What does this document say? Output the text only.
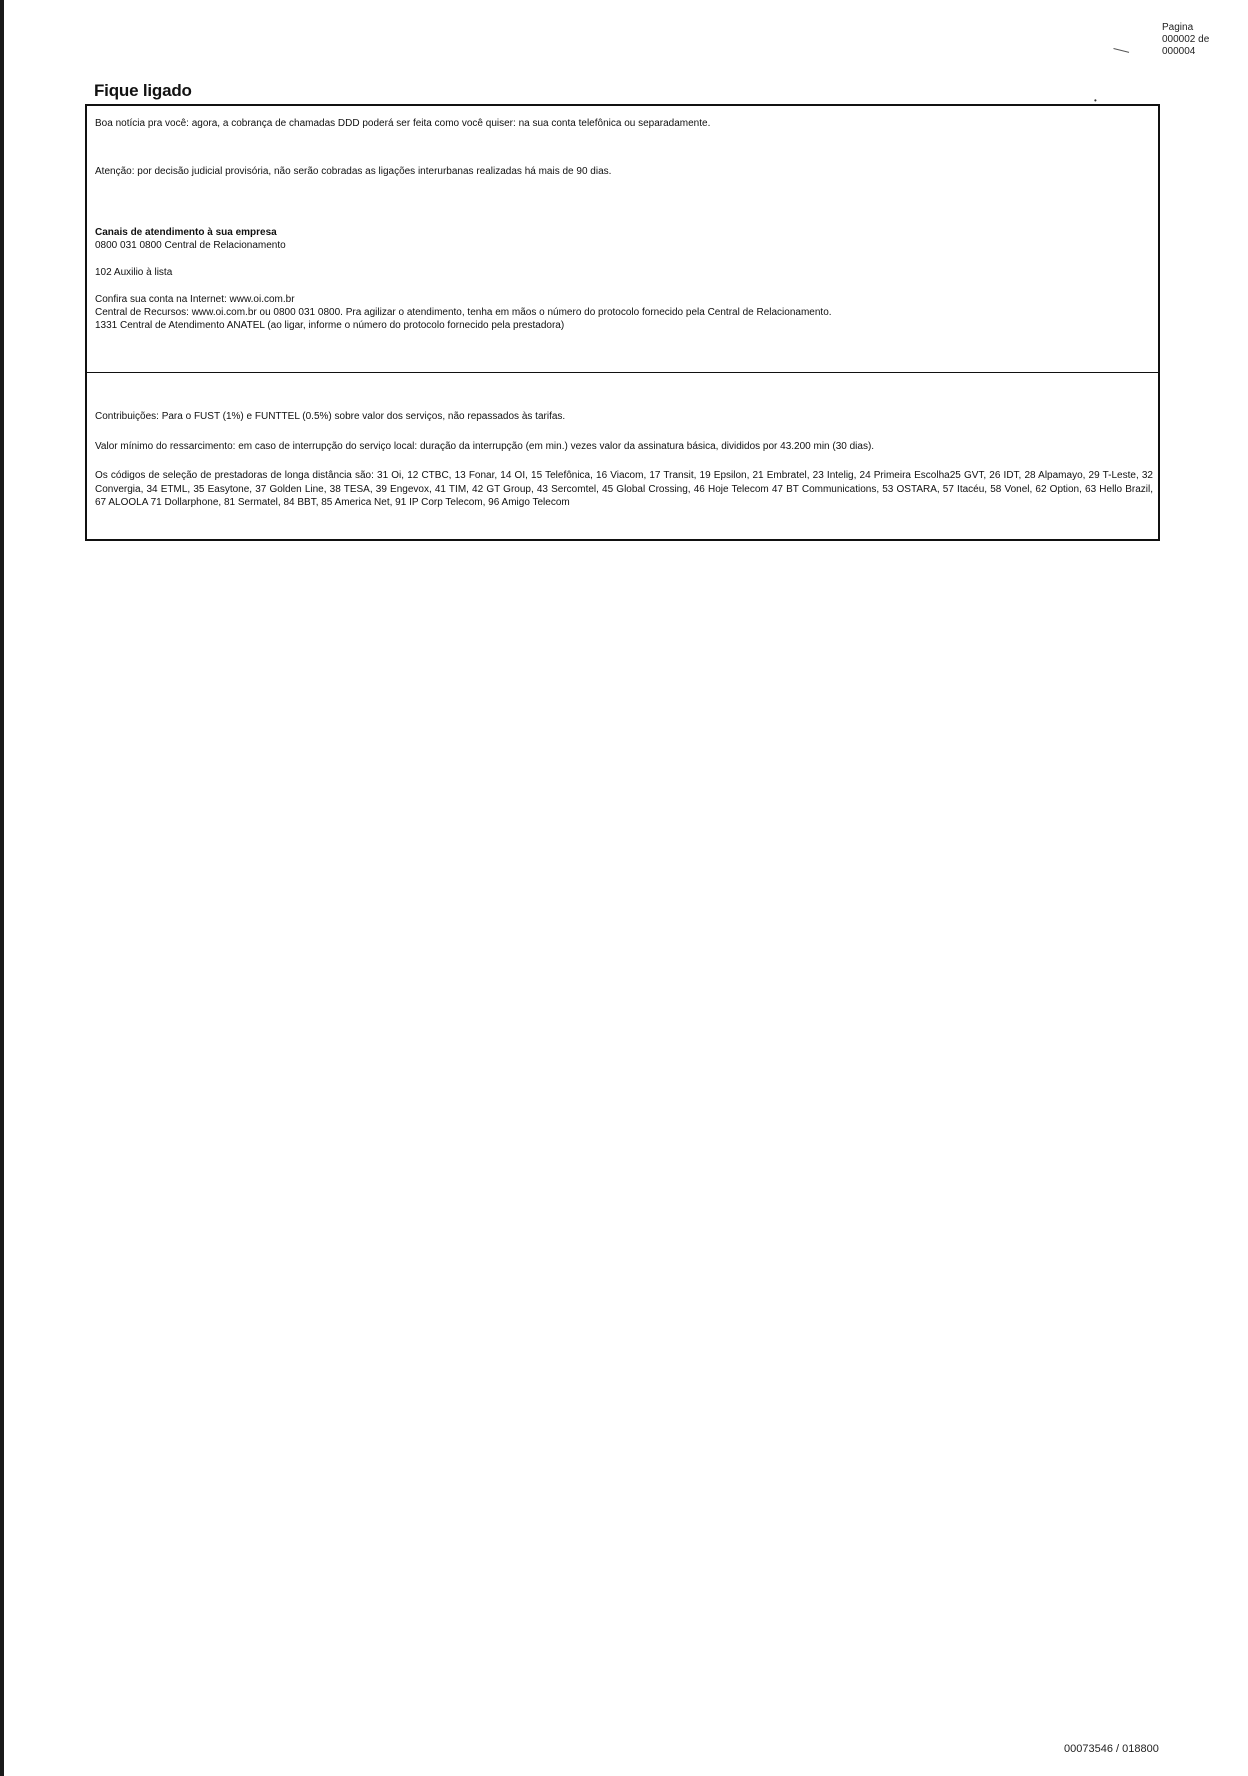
Pagina
000002 de
000004
•
Fique ligado
Boa notícia pra você: agora, a cobrança de chamadas DDD poderá ser feita como você quiser: na sua conta telefônica ou separadamente.
Atenção: por decisão judicial provisória, não serão cobradas as ligações interurbanas realizadas há mais de 90 dias.
Canais de atendimento à sua empresa
0800 031 0800 Central de Relacionamento
102 Auxilio à lista
Confira sua conta na Internet: www.oi.com.br
Central de Recursos: www.oi.com.br ou 0800 031 0800. Pra agilizar o atendimento, tenha em mãos o número do protocolo fornecido pela Central de Relacionamento.
1331 Central de Atendimento ANATEL (ao ligar, informe o número do protocolo fornecido pela prestadora)
Contribuições: Para o FUST (1%) e FUNTTEL (0.5%) sobre valor dos serviços, não repassados às tarifas.
Valor mínimo do ressarcimento: em caso de interrupção do serviço local: duração da interrupção (em min.) vezes valor da assinatura básica, divididos por 43.200 min (30 dias).
Os códigos de seleção de prestadoras de longa distância são: 31 Oi, 12 CTBC, 13 Fonar, 14 OI, 15 Telefônica, 16 Viacom, 17 Transit, 19 Epsilon, 21 Embratel, 23 Intelig, 24 Primeira Escolha25 GVT, 26 IDT, 28 Alpamayo, 29 T-Leste, 32 Convergia, 34 ETML, 35 Easytone, 37 Golden Line, 38 TESA, 39 Engevox, 41 TIM, 42 GT Group, 43 Sercomtel, 45 Global Crossing, 46 Hoje Telecom 47 BT Communications, 53 OSTARA, 57 Itacéu, 58 Vonel, 62 Option, 63 Hello Brazil, 67 ALOOLA 71 Dollarphone, 81 Sermatel, 84 BBT, 85 America Net, 91 IP Corp Telecom, 96 Amigo Telecom
00073546 / 018800
